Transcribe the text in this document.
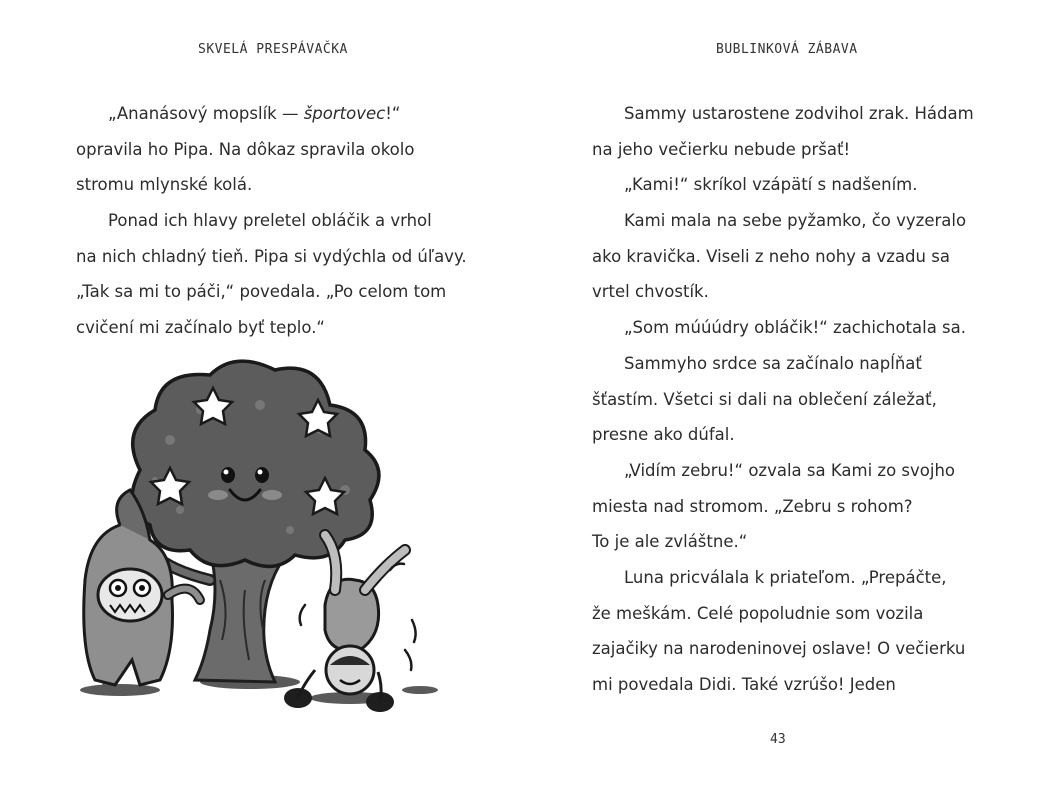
SKVELÁ PRESPÁVAČKA
„Ananásový mopslík — športovec!“
opravila ho Pipa. Na dôkaz spravila okolo
stromu mlynské kolá.
Ponad ich hlavy preletel obláčik a vrhol
na nich chladný tieň. Pipa si vydýchla od úľavy.
„Tak sa mi to páči,“ povedala. „Po celom tom
cvičení mi začínalo byť teplo.“
BUBLINKOVÁ ZÁBAVA
Sammy ustarostene zodvihol zrak. Hádam
na jeho večierku nebude pršať!
„Kami!“ skríkol vzápätí s nadšením.
Kami mala na sebe pyžamko, čo vyzeralo
ako kravička. Viseli z neho nohy a vzadu sa
vrtel chvostík.
„Som múúúdry obláčik!“ zachichotala sa.
Sammyho srdce sa začínalo napĺňať
šťastím. Všetci si dali na oblečení záležať,
presne ako dúfal.
„Vidím zebru!“ ozvala sa Kami zo svojho
miesta nad stromom. „Zebru s rohom?
To je ale zvláštne.“
Luna pricválala k priateľom. „Prepáčte,
že meškám. Celé popoludnie som vozila
zajačiky na narodeninovej oslave! O večierku
mi povedala Didi. Také vzrúšo! Jeden
43
